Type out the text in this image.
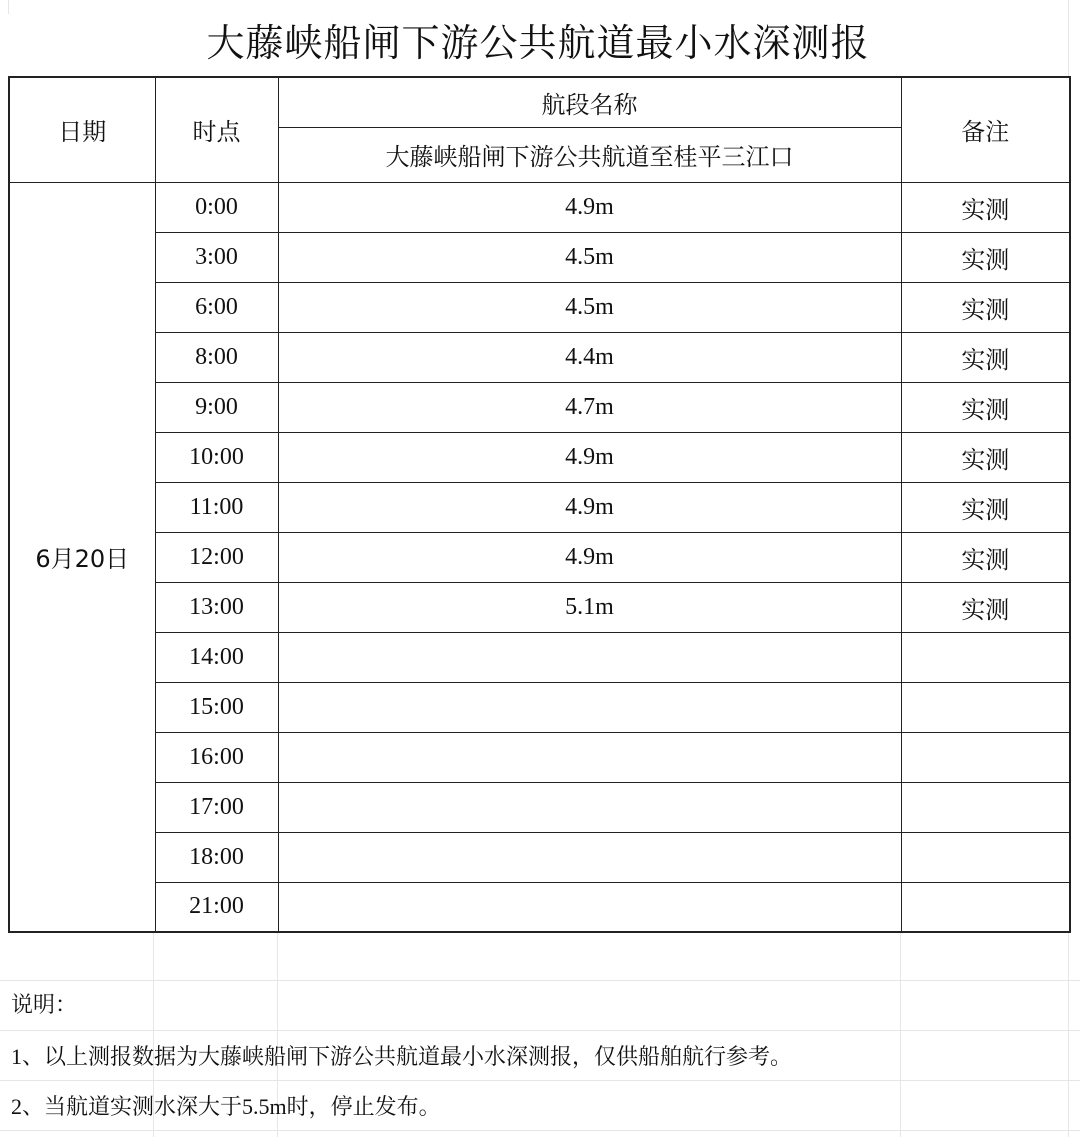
大藤峡船闸下游公共航道最小水深测报
日期	时点	航段名称	备注
		大藤峡船闸下游公共航道至桂平三江口	
6月20日	0:00	4.9m	实测
	3:00	4.5m	实测
	6:00	4.5m	实测
	8:00	4.4m	实测
	9:00	4.7m	实测
	10:00	4.9m	实测
	11:00	4.9m	实测
	12:00	4.9m	实测
	13:00	5.1m	实测
	14:00		
	15:00		
	16:00		
	17:00		
	18:00		
	21:00		
说明：
1、以上测报数据为大藤峡船闸下游公共航道最小水深测报，仅供船舶航行参考。
2、当航道实测水深大于5.5m时，停止发布。
